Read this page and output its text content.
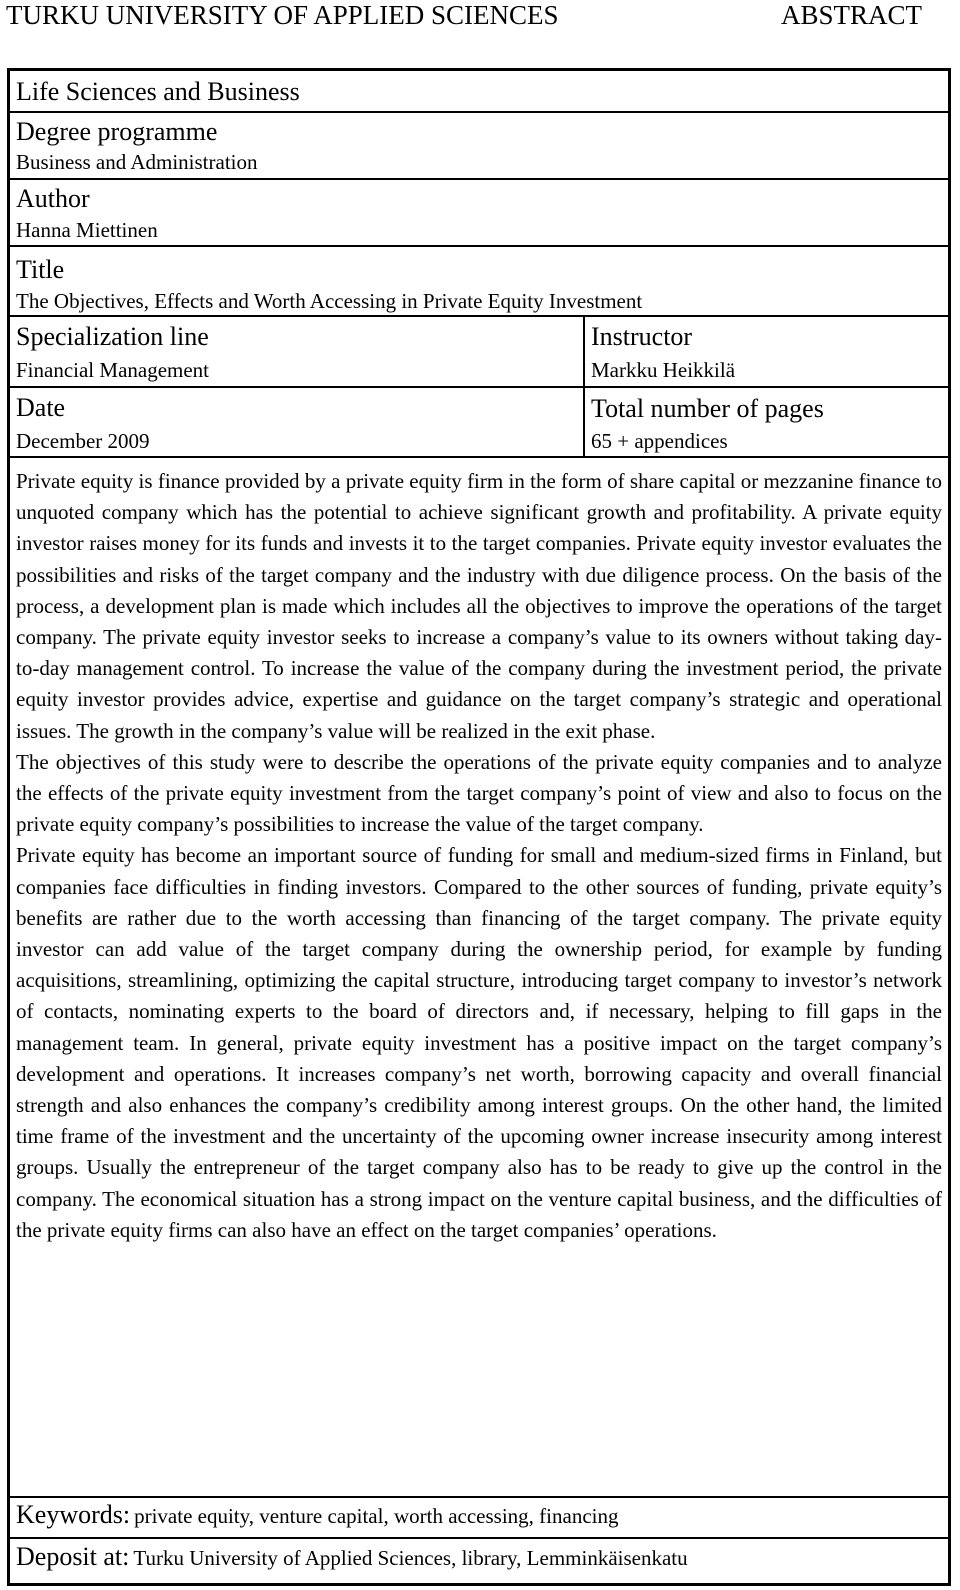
TURKU UNIVERSITY OF APPLIED SCIENCES	ABSTRACT
Life Sciences and Business
Degree programme
Business and Administration
Author
Hanna Miettinen
Title
The Objectives, Effects and Worth Accessing in Private Equity Investment
Specialization line
Financial Management
Instructor
Markku Heikkilä
Date
December 2009
Total number of pages
65 + appendices

Private equity is finance provided by a private equity firm in the form of share capital or mezzanine finance to unquoted company which has the potential to achieve significant growth and profitability. A private equity investor raises money for its funds and invests it to the target companies. Private equity investor evaluates the possibilities and risks of the target company and the industry with due diligence process. On the basis of the process, a development plan is made which includes all the objectives to improve the operations of the target company. The private equity investor seeks to increase a company’s value to its owners without taking day-to-day management control. To increase the value of the company during the investment period, the private equity investor provides advice, expertise and guidance on the target company’s strategic and operational issues. The growth in the company’s value will be realized in the exit phase.

The objectives of this study were to describe the operations of the private equity companies and to analyze the effects of the private equity investment from the target company’s point of view and also to focus on the private equity company’s possibilities to increase the value of the target company.

Private equity has become an important source of funding for small and medium-sized firms in Finland, but companies face difficulties in finding investors. Compared to the other sources of funding, private equity’s benefits are rather due to the worth accessing than financing of the target company. The private equity investor can add value of the target company during the ownership period, for example by funding acquisitions, streamlining, optimizing the capital structure, introducing target company to investor’s network of contacts, nominating experts to the board of directors and, if necessary, helping to fill gaps in the management team. In general, private equity investment has a positive impact on the target company’s development and operations. It increases company’s net worth, borrowing capacity and overall financial strength and also enhances the company’s credibility among interest groups. On the other hand, the limited time frame of the investment and the uncertainty of the upcoming owner increase insecurity among interest groups. Usually the entrepreneur of the target company also has to be ready to give up the control in the company. The economical situation has a strong impact on the venture capital business, and the difficulties of the private equity firms can also have an effect on the target companies’ operations.

Keywords: private equity, venture capital, worth accessing, financing
Deposit at: Turku University of Applied Sciences, library, Lemminkäisenkatu
